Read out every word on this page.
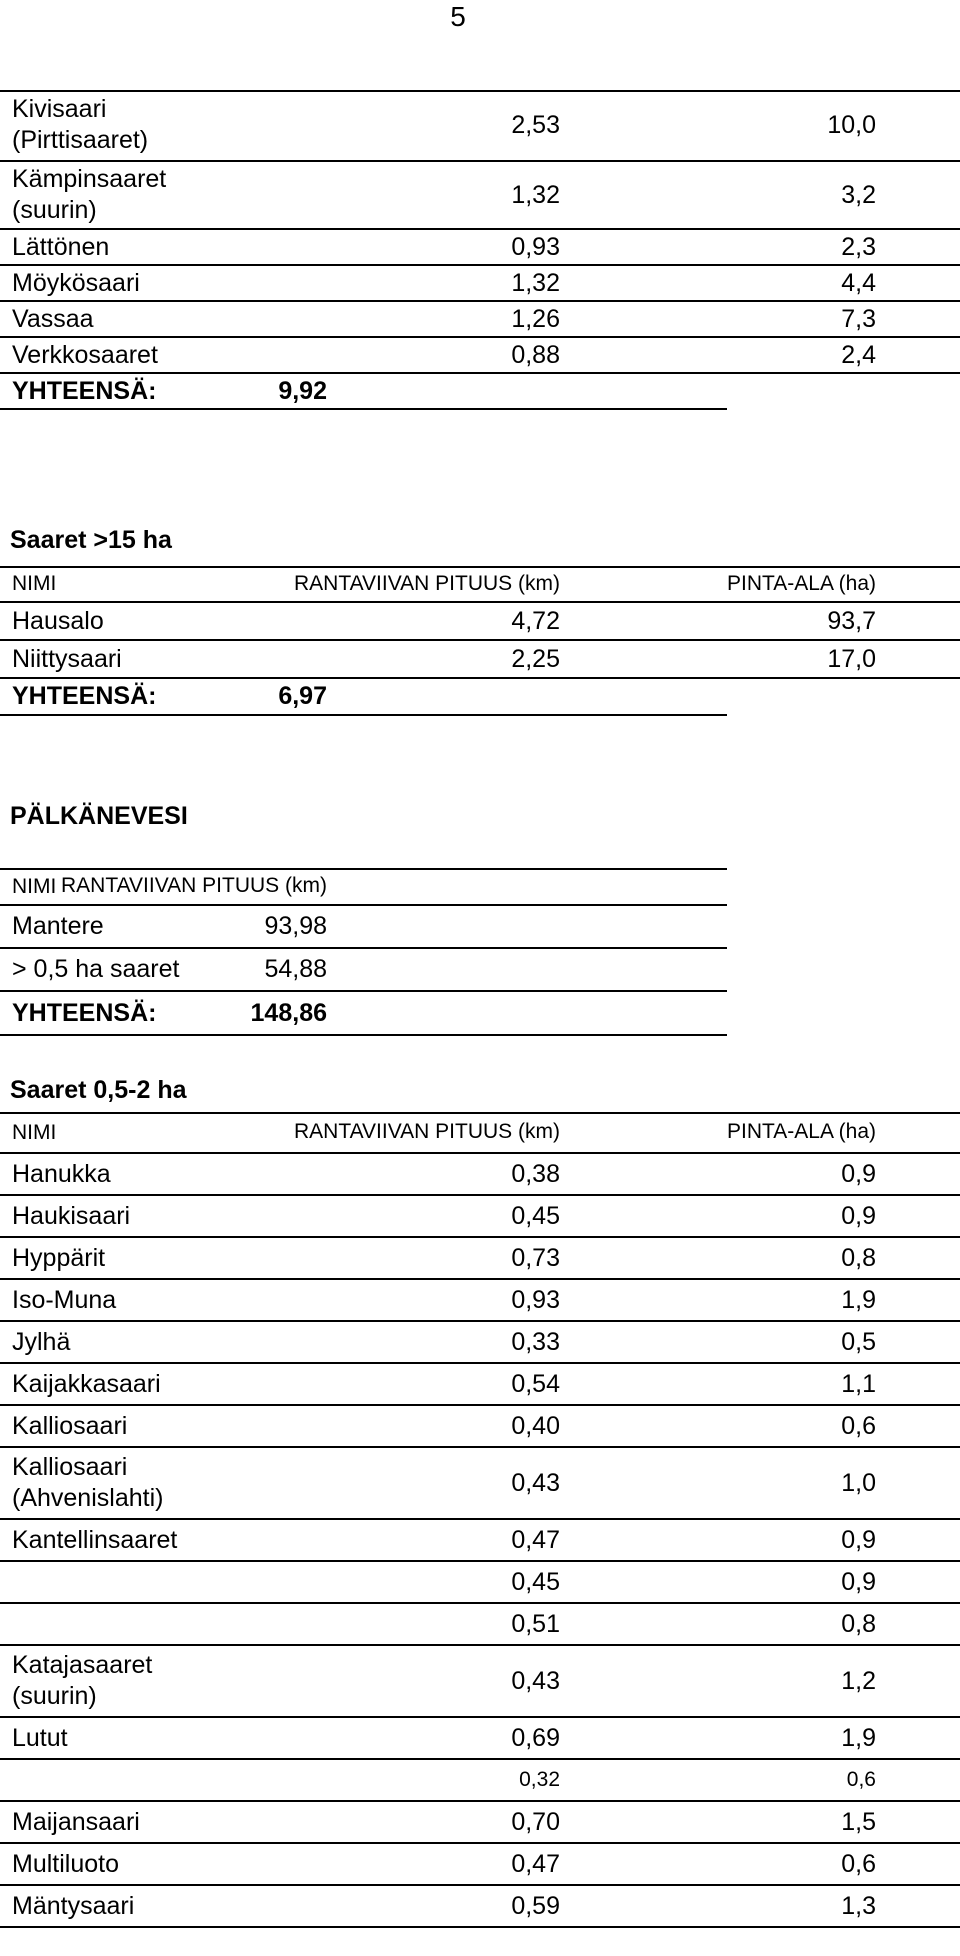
5
Kivisaari
(Pirttisaaret)
2,53	10,0
Kämpinsaaret
(suurin)
1,32	3,2
Lättönen	0,93	2,3
Möykösaari	1,32	4,4
Vassaa	1,26	7,3
Verkkosaaret	0,88	2,4
YHTEENSÄ:	9,92
Saaret >15 ha
NIMI	RANTAVIIVAN PITUUS (km)	PINTA-ALA (ha)
Hausalo	4,72	93,7
Niittysaari	2,25	17,0
YHTEENSÄ:	6,97
PÄLKÄNEVESI
NIMI RANTAVIIVAN PITUUS (km)
Mantere	93,98
> 0,5 ha saaret	54,88
YHTEENSÄ:	148,86
Saaret 0,5-2 ha
NIMI	RANTAVIIVAN PITUUS (km)	PINTA-ALA (ha)
Hanukka	0,38	0,9
Haukisaari	0,45	0,9
Hyppärit	0,73	0,8
Iso-Muna	0,93	1,9
Jylhä	0,33	0,5
Kaijakkasaari	0,54	1,1
Kalliosaari	0,40	0,6
Kalliosaari
(Ahvenislahti)
0,43	1,0
Kantellinsaaret	0,47	0,9
0,45	0,9
0,51	0,8
Katajasaaret
(suurin)
0,43	1,2
Lutut	0,69	1,9
0,32	0,6
Maijansaari	0,70	1,5
Multiluoto	0,47	0,6
Mäntysaari	0,59	1,3
